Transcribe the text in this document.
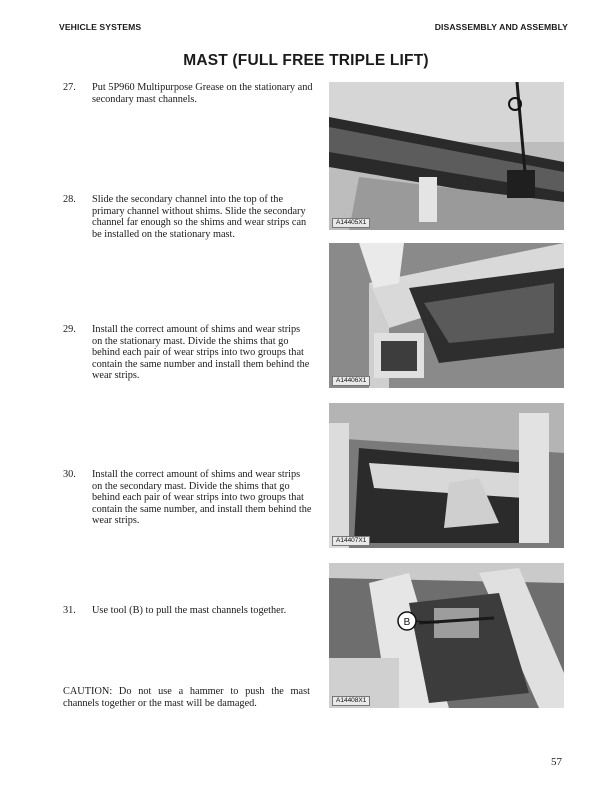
VEHICLE SYSTEMS	DISASSEMBLY AND ASSEMBLY
MAST (FULL FREE TRIPLE LIFT)
27. Put 5P960 Multipurpose Grease on the stationary and secondary mast channels.
28. Slide the secondary channel into the top of the primary channel without shims. Slide the secondary channel far enough so the shims and wear strips can be installed on the stationary mast.
29. Install the correct amount of shims and wear strips on the stationary mast. Divide the shims that go behind each pair of wear strips into two groups that contain the same number and install them behind the wear strips.
30. Install the correct amount of shims and wear strips on the secondary mast. Divide the shims that go behind each pair of wear strips into two groups that contain the same number, and install them behind the wear strips.
31. Use tool (B) to pull the mast channels together.
CAUTION: Do not use a hammer to push the mast channels together or the mast will be damaged.
A14405X1
A14406X1
A14407X1
B
A14408X1
57
